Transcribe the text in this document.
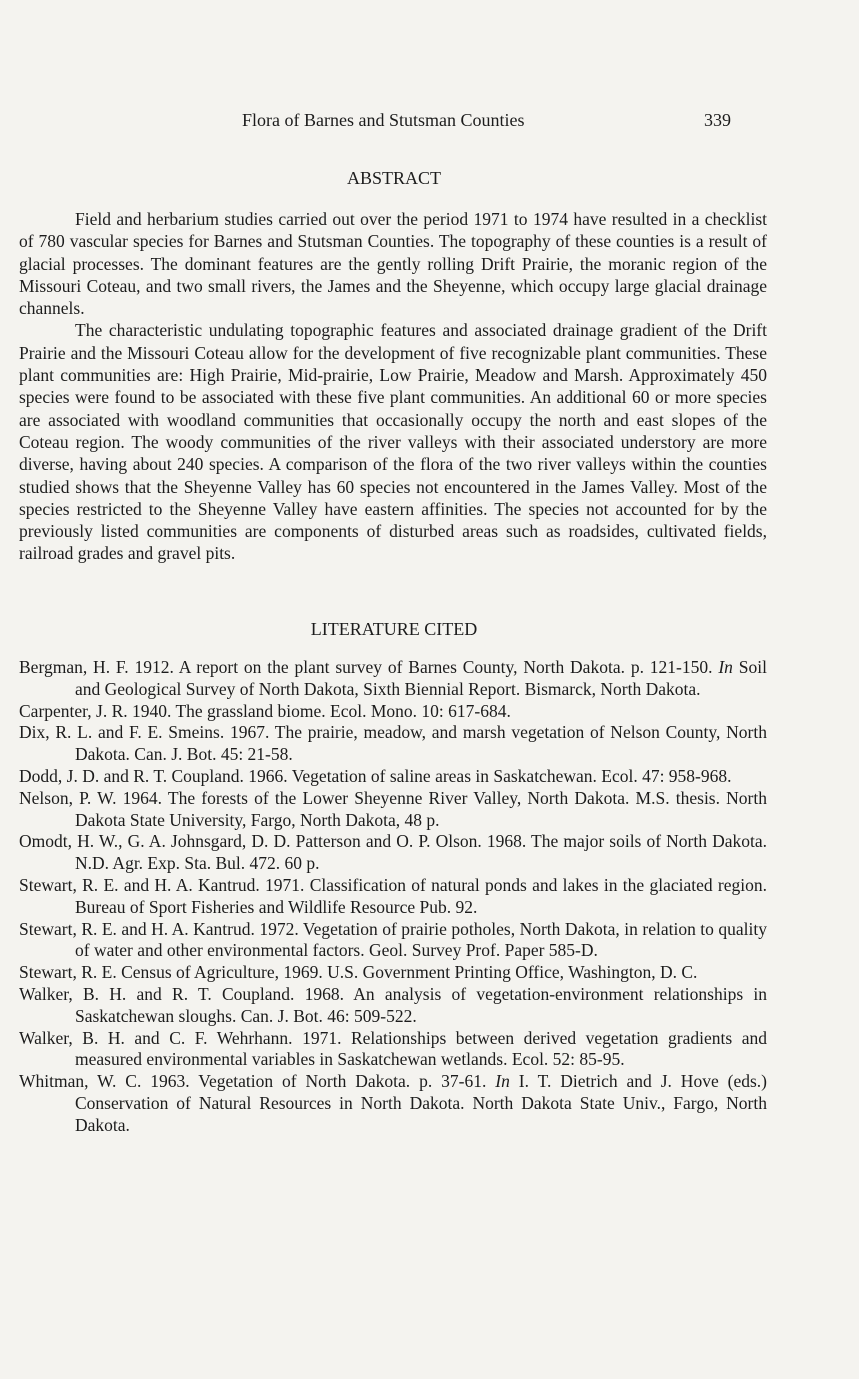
Flora of Barnes and Stutsman Counties	339
ABSTRACT

Field and herbarium studies carried out over the period 1971 to 1974 have resulted in a checklist of 780 vascular species for Barnes and Stutsman Counties. The topography of these counties is a result of glacial processes. The dominant features are the gently rolling Drift Prairie, the moranic region of the Missouri Coteau, and two small rivers, the James and the Sheyenne, which occupy large glacial drainage channels.

The characteristic undulating topographic features and associated drainage gradient of the Drift Prairie and the Missouri Coteau allow for the development of five recognizable plant communities. These plant communities are: High Prairie, Mid-prairie, Low Prairie, Meadow and Marsh. Approximately 450 species were found to be associated with these five plant communities. An additional 60 or more species are associated with woodland communities that occasionally occupy the north and east slopes of the Coteau region. The woody communities of the river valleys with their associated understory are more diverse, having about 240 species. A comparison of the flora of the two river valleys within the counties studied shows that the Sheyenne Valley has 60 species not encountered in the James Valley. Most of the species restricted to the Sheyenne Valley have eastern affinities. The species not accounted for by the previously listed communities are components of disturbed areas such as roadsides, cultivated fields, railroad grades and gravel pits.

LITERATURE CITED
Bergman, H. F. 1912. A report on the plant survey of Barnes County, North Dakota. p. 121-150. In Soil and Geological Survey of North Dakota, Sixth Biennial Report. Bismarck, North Dakota.
Carpenter, J. R. 1940. The grassland biome. Ecol. Mono. 10: 617-684.
Dix, R. L. and F. E. Smeins. 1967. The prairie, meadow, and marsh vegetation of Nelson County, North Dakota. Can. J. Bot. 45: 21-58.
Dodd, J. D. and R. T. Coupland. 1966. Vegetation of saline areas in Saskatchewan. Ecol. 47: 958-968.
Nelson, P. W. 1964. The forests of the Lower Sheyenne River Valley, North Dakota. M.S. thesis. North Dakota State University, Fargo, North Dakota, 48 p.
Omodt, H. W., G. A. Johnsgard, D. D. Patterson and O. P. Olson. 1968. The major soils of North Dakota. N.D. Agr. Exp. Sta. Bul. 472. 60 p.
Stewart, R. E. and H. A. Kantrud. 1971. Classification of natural ponds and lakes in the glaciated region. Bureau of Sport Fisheries and Wildlife Resource Pub. 92.
Stewart, R. E. and H. A. Kantrud. 1972. Vegetation of prairie potholes, North Dakota, in relation to quality of water and other environmental factors. Geol. Survey Prof. Paper 585-D.
Stewart, R. E. Census of Agriculture, 1969. U.S. Government Printing Office, Washington, D. C.
Walker, B. H. and R. T. Coupland. 1968. An analysis of vegetation-environment relationships in Saskatchewan sloughs. Can. J. Bot. 46: 509-522.
Walker, B. H. and C. F. Wehrhann. 1971. Relationships between derived vegetation gradients and measured environmental variables in Saskatchewan wetlands. Ecol. 52: 85-95.
Whitman, W. C. 1963. Vegetation of North Dakota. p. 37-61. In I. T. Dietrich and J. Hove (eds.) Conservation of Natural Resources in North Dakota. North Dakota State Univ., Fargo, North Dakota.
